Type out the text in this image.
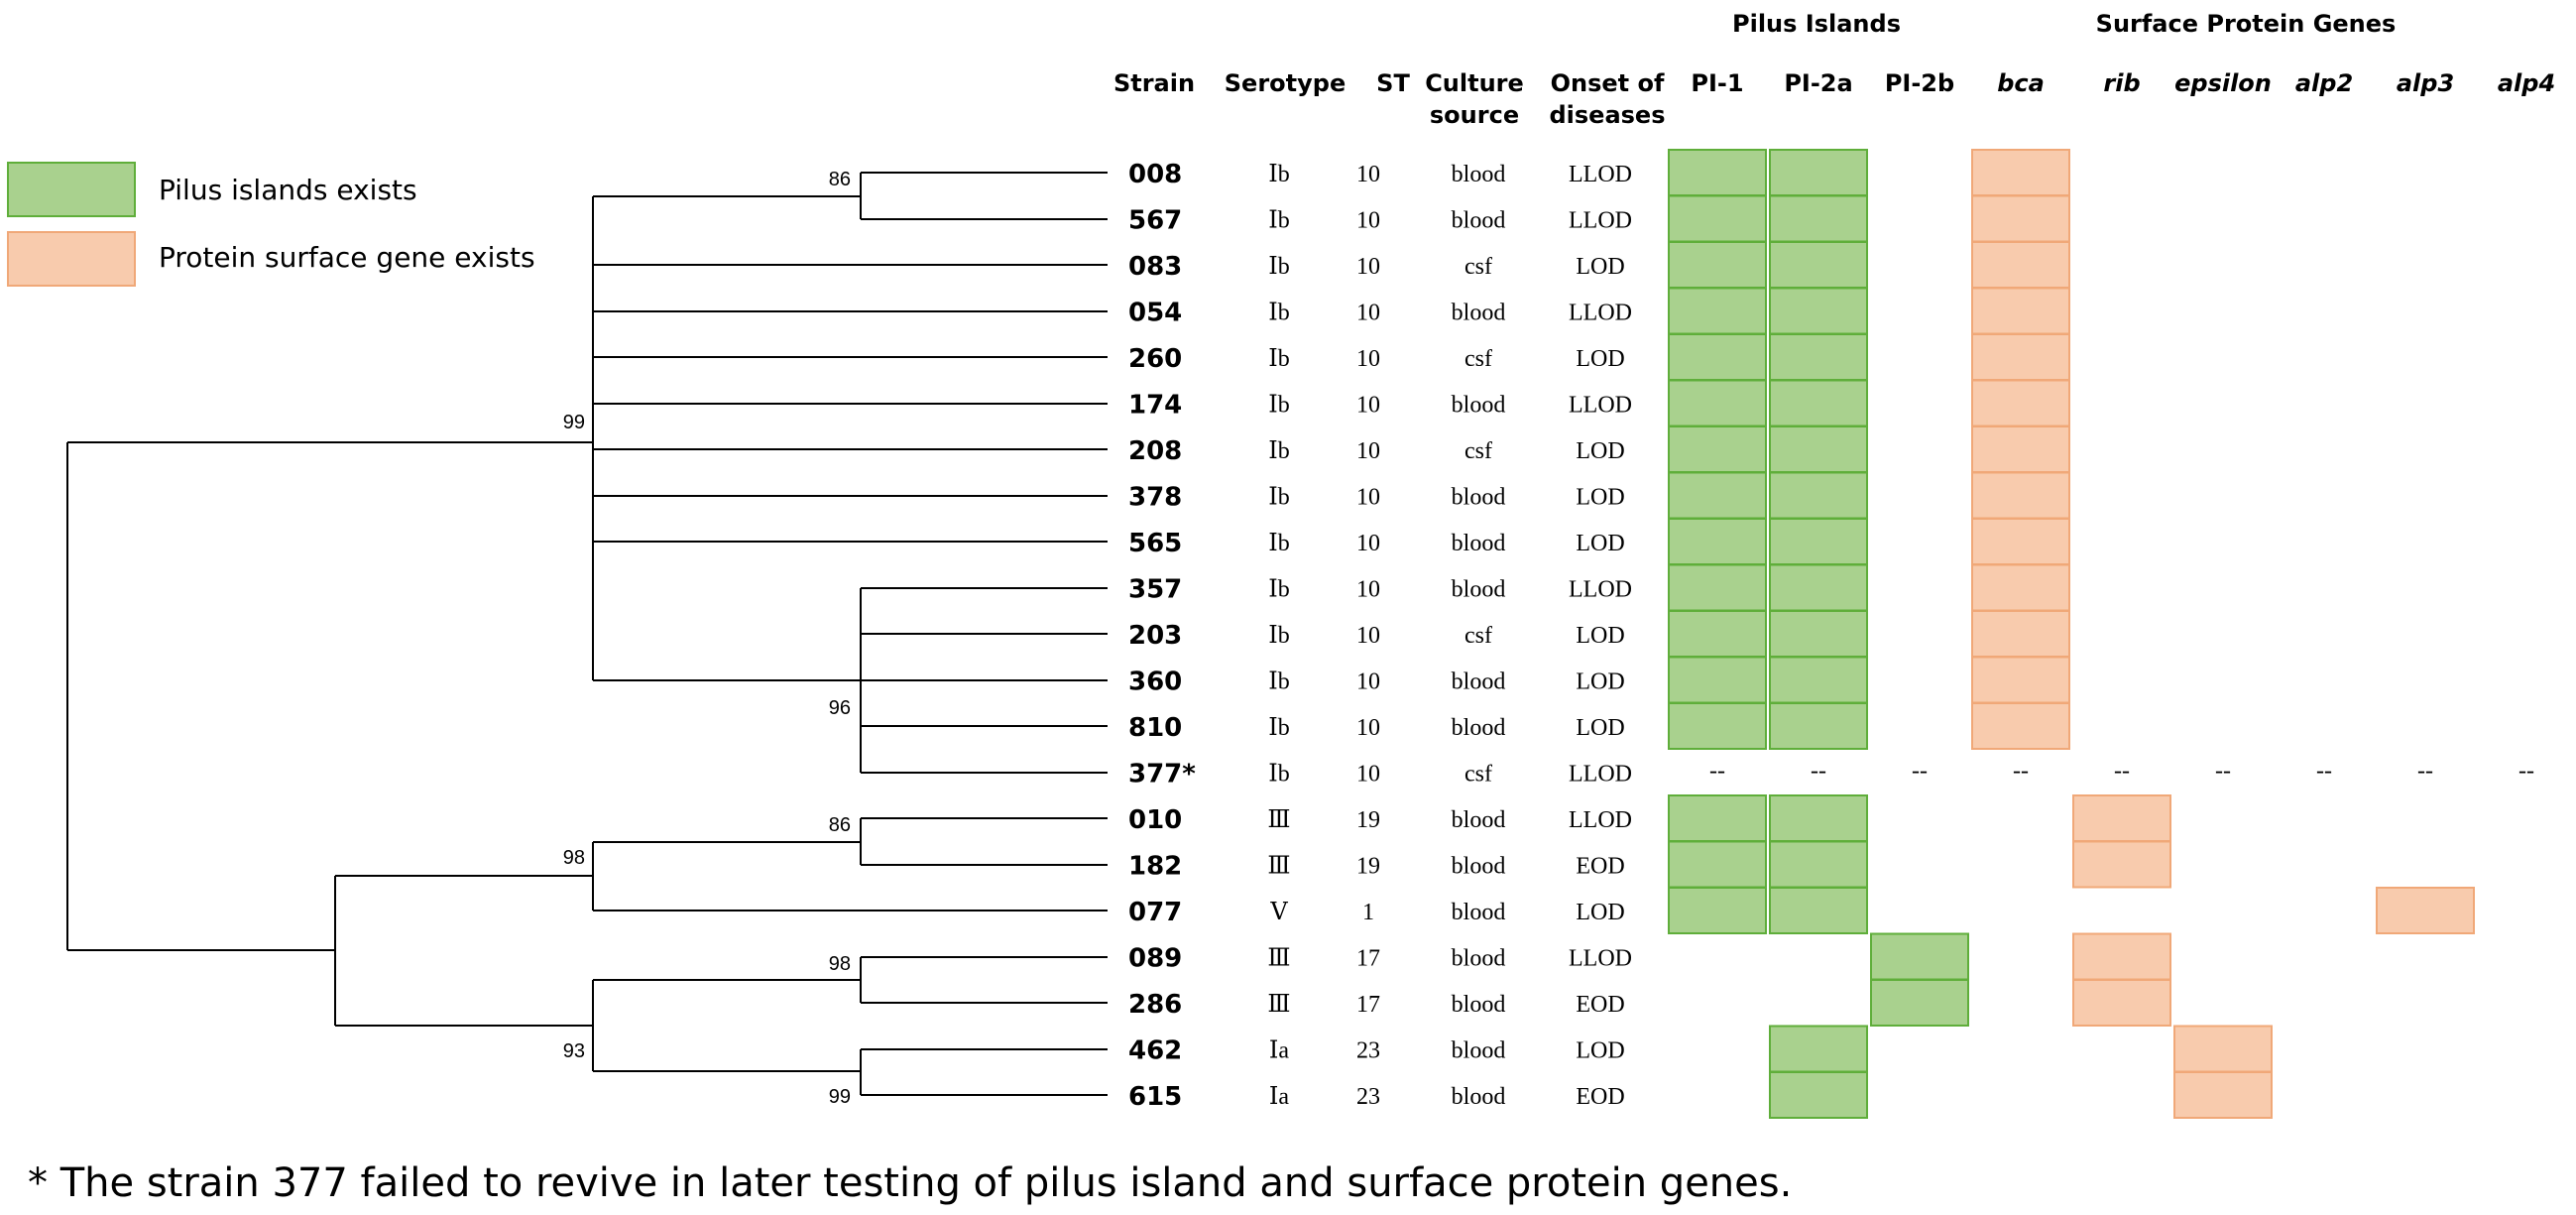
Pilus Islands	Surface Protein Genes
Strain Serotype ST Culture
source
Onset of
diseases
PI-1 PI-2a PI-2b bca rib epsilon alp2 alp3 alp4
Pilus islands exists
Protein surface gene exists
86
99
96
86
98
98
93
99
008	Ⅰb	10	blood	LLOD
567	Ⅰb	10	blood	LLOD
083	Ⅰb	10	csf	LOD
054	Ⅰb	10	blood	LLOD
260	Ⅰb	10	csf	LOD
174	Ⅰb	10	blood	LLOD
208	Ⅰb	10	csf	LOD
378	Ⅰb	10	blood	LOD
565	Ⅰb	10	blood	LOD
357	Ⅰb	10	blood	LLOD
203	Ⅰb	10	csf	LOD
360	Ⅰb	10	blood	LOD
810	Ⅰb	10	blood	LOD
377*	Ⅰb	10	csf	LLOD	--	--	--	--	--	--	--	--	--
010	Ⅲ	19	blood	LLOD
182	Ⅲ	19	blood	EOD
077	Ⅴ	1	blood	LOD
089	Ⅲ	17	blood	LLOD
286	Ⅲ	17	blood	EOD
462	Ⅰa	23	blood	LOD
615	Ⅰa	23	blood	EOD
* The strain 377 failed to revive in later testing of pilus island and surface protein genes.
